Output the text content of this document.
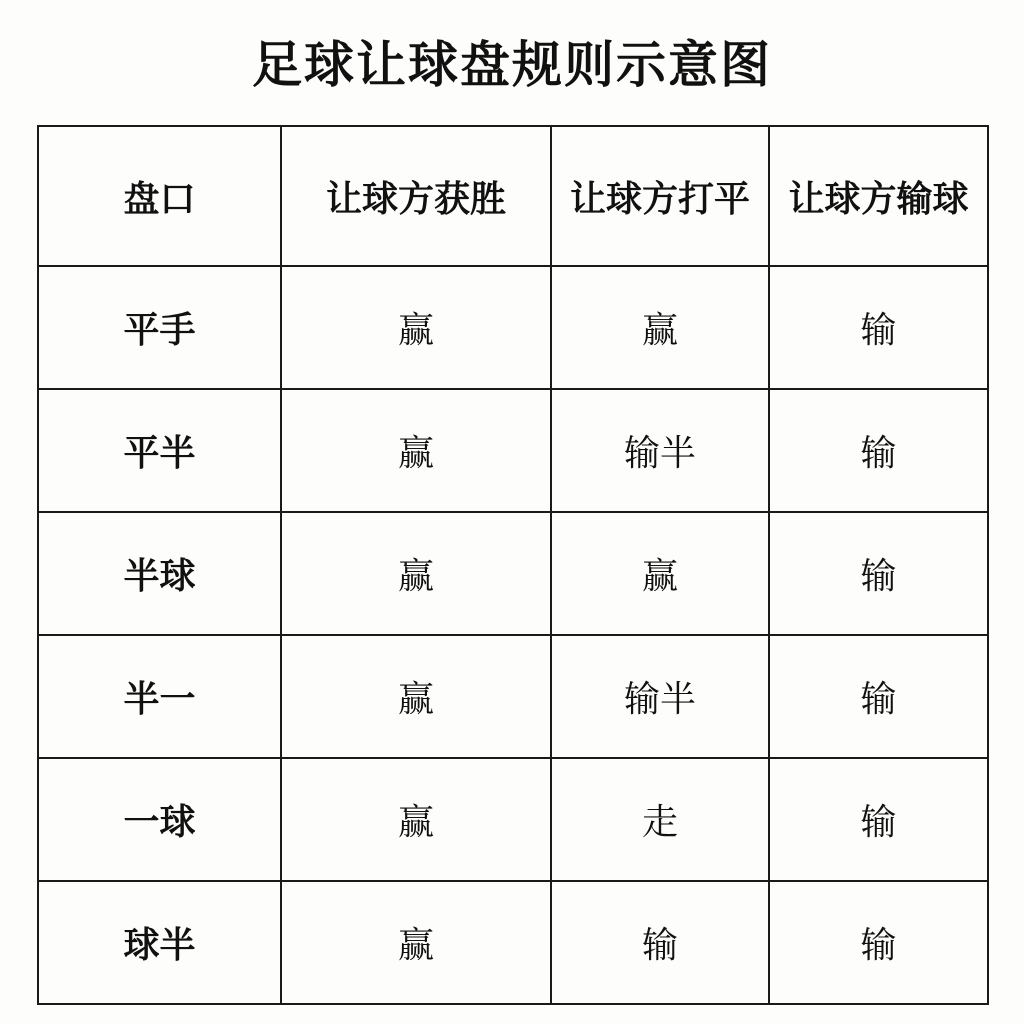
足球让球盘规则示意图
盘口	让球方获胜	让球方打平	让球方输球
平手	赢	赢	输
平半	赢	输半	输
半球	赢	赢	输
半一	赢	输半	输
一球	赢	走	输
球半	赢	输	输
